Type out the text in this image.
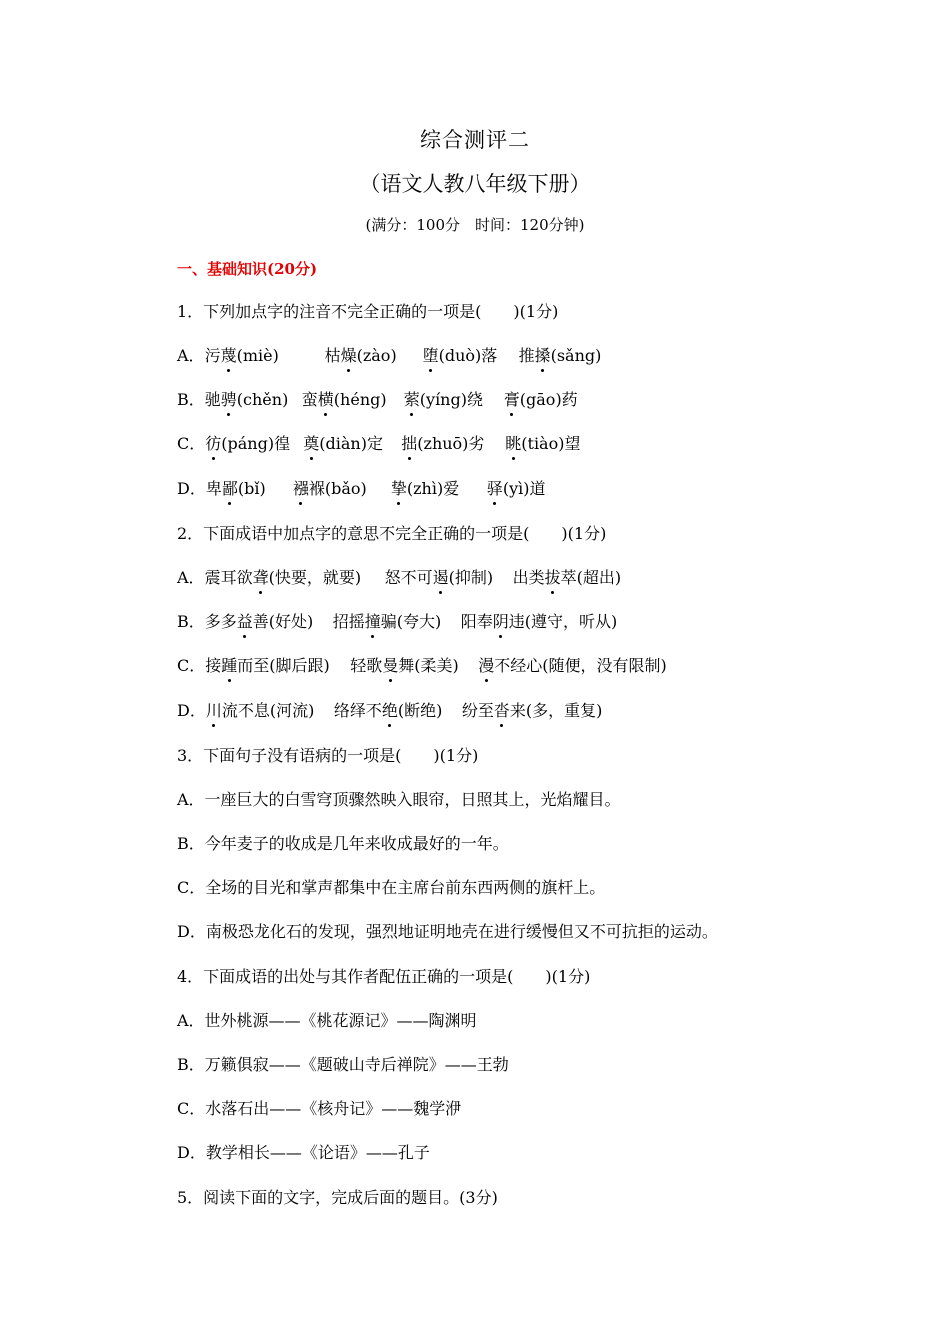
综合测评二
（语文人教八年级下册）
(满分：100分　时间：120分钟)
一、基础知识(20分)
1．下列加点字的注音不完全正确的一项是(　　)(1分)
A．污蔑(miè)	枯燥(zào) 堕(duò)落 推搡(sǎng)
B．驰骋(chěn) 蛮横(héng) 萦(yíng)绕 膏(gāo)药
C．彷(páng)徨 奠(diàn)定 拙(zhuō)劣 眺(tiào)望
D．卑鄙(bǐ) 襁褓(bǎo) 挚(zhì)爱 驿(yì)道
2．下面成语中加点字的意思不完全正确的一项是(　　)(1分)
A．震耳欲聋(快要，就要) 怒不可遏(抑制) 出类拔萃(超出)
B．多多益善(好处) 招摇撞骗(夸大) 阳奉阴违(遵守，听从)
C．接踵而至(脚后跟) 轻歌曼舞(柔美) 漫不经心(随便，没有限制)
D．川流不息(河流) 络绎不绝(断绝) 纷至沓来(多，重复)
3．下面句子没有语病的一项是(　　)(1分)
A．一座巨大的白雪穹顶骤然映入眼帘，日照其上，光焰耀目。
B．今年麦子的收成是几年来收成最好的一年。
C．全场的目光和掌声都集中在主席台前东西两侧的旗杆上。
D．南极恐龙化石的发现，强烈地证明地壳在进行缓慢但又不可抗拒的运动。
4．下面成语的出处与其作者配伍正确的一项是(　　)(1分)
A．世外桃源——《桃花源记》——陶渊明
B．万籁俱寂——《题破山寺后禅院》——王勃
C．水落石出——《核舟记》——魏学洢
D．教学相长——《论语》——孔子
5．阅读下面的文字，完成后面的题目。(3分)
